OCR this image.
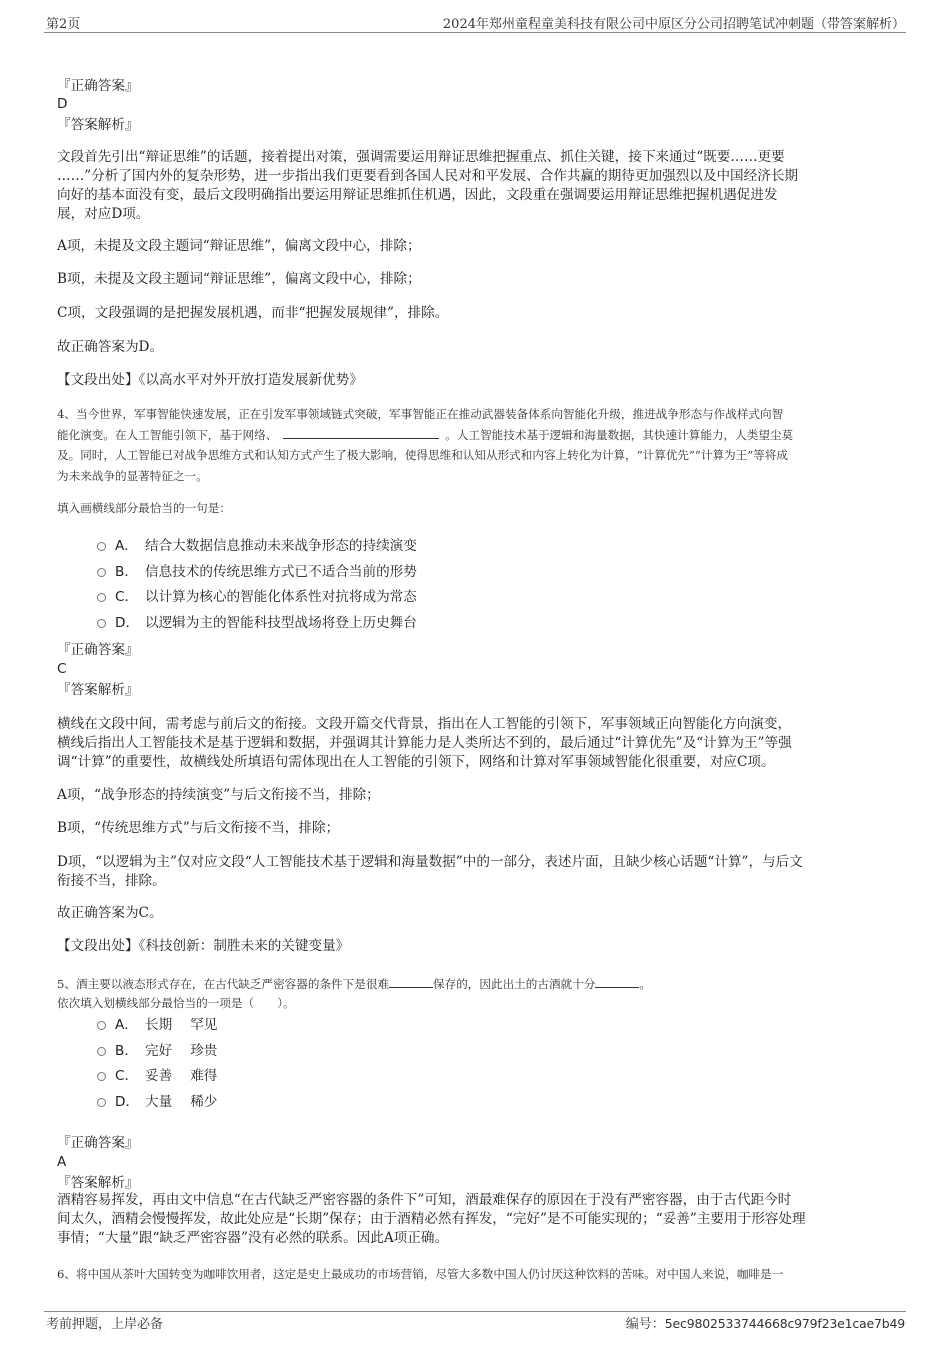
第2页	2024年郑州童程童美科技有限公司中原区分公司招聘笔试冲刺题（带答案解析）
『正确答案』
D
『答案解析』
文段首先引出“辩证思维”的话题，接着提出对策，强调需要运用辩证思维把握重点、抓住关键，接下来通过“既要……更要
……”分析了国内外的复杂形势，进一步指出我们更要看到各国人民对和平发展、合作共赢的期待更加强烈以及中国经济长期
向好的基本面没有变，最后文段明确指出要运用辩证思维抓住机遇，因此，文段重在强调要运用辩证思维把握机遇促进发
展，对应D项。
A项，未提及文段主题词“辩证思维”，偏离文段中心，排除；
B项，未提及文段主题词“辩证思维”，偏离文段中心，排除；
C项，文段强调的是把握发展机遇，而非“把握发展规律”，排除。
故正确答案为D。
【文段出处】《以高水平对外开放打造发展新优势》
4、当今世界，军事智能快速发展，正在引发军事领域链式突破，军事智能正在推动武器装备体系向智能化升级，推进战争形态与作战样式向智
能化演变。在人工智能引领下，基于网络、	。人工智能技术基于逻辑和海量数据，其快速计算能力，人类望尘莫
及。同时，人工智能已对战争思维方式和认知方式产生了极大影响，使得思维和认知从形式和内容上转化为计算，“计算优先”“计算为王”等将成
为未来战争的显著特征之一。
填入画横线部分最恰当的一句是：
A． 结合大数据信息推动未来战争形态的持续演变
B． 信息技术的传统思维方式已不适合当前的形势
C． 以计算为核心的智能化体系性对抗将成为常态
D． 以逻辑为主的智能科技型战场将登上历史舞台
『正确答案』
C
『答案解析』
横线在文段中间，需考虑与前后文的衔接。文段开篇交代背景，指出在人工智能的引领下，军事领域正向智能化方向演变，
横线后指出人工智能技术是基于逻辑和数据，并强调其计算能力是人类所达不到的，最后通过“计算优先”及“计算为王”等强
调“计算”的重要性，故横线处所填语句需体现出在人工智能的引领下，网络和计算对军事领域智能化很重要，对应C项。
A项，“战争形态的持续演变”与后文衔接不当，排除；
B项，“传统思维方式”与后文衔接不当，排除；
D项，“以逻辑为主”仅对应文段“人工智能技术基于逻辑和海量数据”中的一部分，表述片面，且缺少核心话题“计算”，与后文
衔接不当，排除。
故正确答案为C。
【文段出处】《科技创新：制胜未来的关键变量》
5、酒主要以液态形式存在，在古代缺乏严密容器的条件下是很难	保存的，因此出土的古酒就十分	。
依次填入划横线部分最恰当的一项是（　　）。
A． 长期 罕见
B． 完好 珍贵
C． 妥善 难得
D． 大量 稀少
『正确答案』
A
『答案解析』
酒精容易挥发，再由文中信息“在古代缺乏严密容器的条件下”可知，酒最难保存的原因在于没有严密容器，由于古代距今时
间太久，酒精会慢慢挥发，故此处应是“长期”保存；由于酒精必然有挥发，“完好”是不可能实现的；“妥善”主要用于形容处理
事情；“大量”跟“缺乏严密容器”没有必然的联系。因此A项正确。
6、将中国从茶叶大国转变为咖啡饮用者，这定是史上最成功的市场营销，尽管大多数中国人仍讨厌这种饮料的苦味。对中国人来说，咖啡是一
考前押题，上岸必备	编号：5ec9802533744668c979f23e1cae7b49
